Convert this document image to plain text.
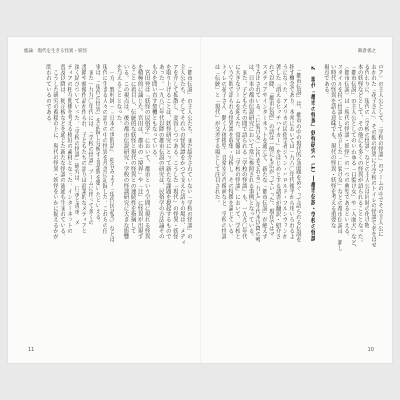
総論　現代を生きる怪異・妖怪	飯倉義之
ロア〉の主人公として、「学校の怪談」のブームの中でその主人公に
おかれた「花子さん」、その他の怪異に小学校のトイレの怪談で名をはせ
る代わりに、現代の〈学校の怪談〉などの主人公は同時の化け物
本の妖怪などとして、その他にも多くの怪異が語られることとなった。
「都市伝説」の主人公としてのいわゆる「口裂け女」や「人面犬」など、
〈都市伝説〉は「現代の怪談・妖怪」の一つの典型であるといえる。
スタイルを持つ怪談として成立した「口裂け女」などの都市伝説は、新し
い時代の怪異を語る意味でも、現代の怪異・妖怪を考える重要な
視点である。
2　現代「都市の怪異」妖怪研究へ（1）―都市伝説・学校の怪談
　「都市伝説」は、都市の中の現代的な話題をめぐって語られる伝説を
指す概念であり、本邦においては一九八〇年代後半から用いられるよ
うになった。アメリカの民俗学者ジャン・ハロルド・ブルンヴァンが
著した『消えるヒッチハイカー』をはじめとする諸書が翻訳・紹介さ
れて以降、「都市伝説」の語は一般にも広がっていった。現在ではマ
スメディアやインターネットを通じて、新たな「都市伝説」が絶えず
生み出されている。「口裂け女」に代表される一九七〇年代末以降の噂
は、日本の都市伝説研究において常に参照される事例となっている。
　また、子どもたちの間で語られる「学校の怪談」も、一九九〇年代
に大きなブームを迎えた。常光徹は『学校の怪談』において、学校と
いう空間で語られる怪異譚を収集・分析し、その特徴を論じている。
トイレの花子さん、動く人体模型、音楽室の肖像画など、学校の怪談
は「伝統」と「現代」が交差する場として注目された。
「都市伝説」の主人公たち、まだ紹介されていない「学校の怪談」の
主人公たち、そしてそれらの怪異譚をかつて支えた語りの場は、メディ
アを介して拡散し、変容しつつある。こうした「現代」の怪異・妖怪
を取り上げることは、妖怪研究にとって新たな課題を提起するもので
あった。一九八〇年代以降の都市伝説の研究は、民俗学の方法論その
ものを問い直す契機ともなっている。
　宮田登は『妖怪の民俗学』において、都市という空間に現れる怪異
を積極的に論じた。宮田は、都市の「境界」や「辻」に怪異が出現す
ることに着目し、伝統的な妖怪と現代の怪異との連続性を指摘して
いる。この視点は、後の都市伝説研究・学校の怪談研究に大きな影響
を与えることとなった。
　一方、野村純一『日本の世間話』、松谷みよ子『現代民話考』などは、
現代に生きる人々の語りの中の怪異を丹念に記録した。これらの仕
事は、「現代の怪異」を記録し分析する基盤を築いたといえる。
　また一九九〇年代には、「学校の怪談」ブームに伴って多くの
書籍や映像作品が作られ、子どもたちの語りは商業的なメディアと
深く結びついていった。「学校の怪談」研究は、口承と書承、メ
ディアの相互関係を考える格好の素材となった。インターネットの
普及以降は、掲示板などを通じた新たな怪談の流通も生まれている。
　こうした研究の蓄積の上に、現代の怪異・妖怪をいかに捉えるかが
問われているのである。
11	10
